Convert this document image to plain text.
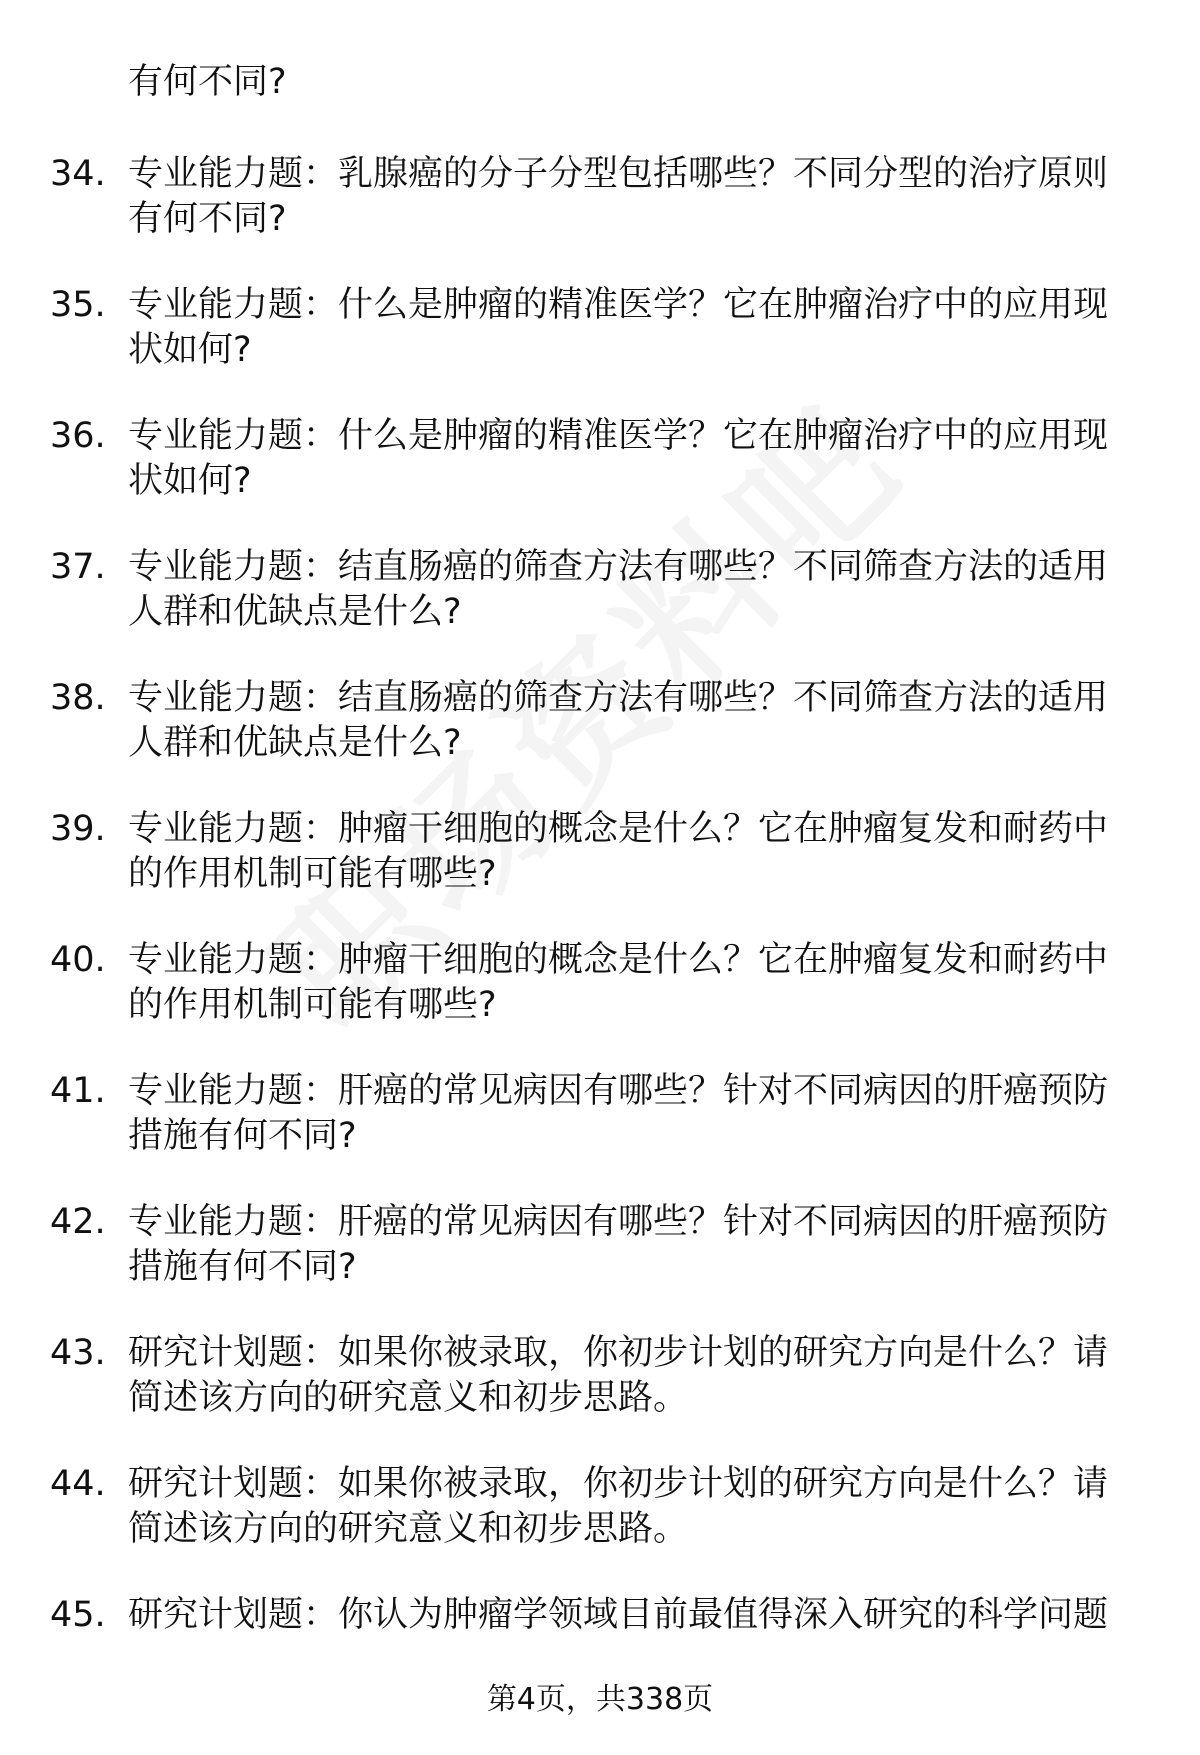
有何不同?
34. 专业能力题：乳腺癌的分子分型包括哪些？不同分型的治疗原则有何不同?
35. 专业能力题：什么是肿瘤的精准医学？它在肿瘤治疗中的应用现状如何?
36. 专业能力题：什么是肿瘤的精准医学？它在肿瘤治疗中的应用现状如何?
37. 专业能力题：结直肠癌的筛查方法有哪些？不同筛查方法的适用人群和优缺点是什么?
38. 专业能力题：结直肠癌的筛查方法有哪些？不同筛查方法的适用人群和优缺点是什么?
39. 专业能力题：肿瘤干细胞的概念是什么？它在肿瘤复发和耐药中的作用机制可能有哪些?
40. 专业能力题：肿瘤干细胞的概念是什么？它在肿瘤复发和耐药中的作用机制可能有哪些?
41. 专业能力题：肝癌的常见病因有哪些？针对不同病因的肝癌预防措施有何不同?
42. 专业能力题：肝癌的常见病因有哪些？针对不同病因的肝癌预防措施有何不同?
43. 研究计划题：如果你被录取，你初步计划的研究方向是什么？请简述该方向的研究意义和初步思路。
44. 研究计划题：如果你被录取，你初步计划的研究方向是什么？请简述该方向的研究意义和初步思路。
45. 研究计划题：你认为肿瘤学领域目前最值得深入研究的科学问题
第4页，共338页
